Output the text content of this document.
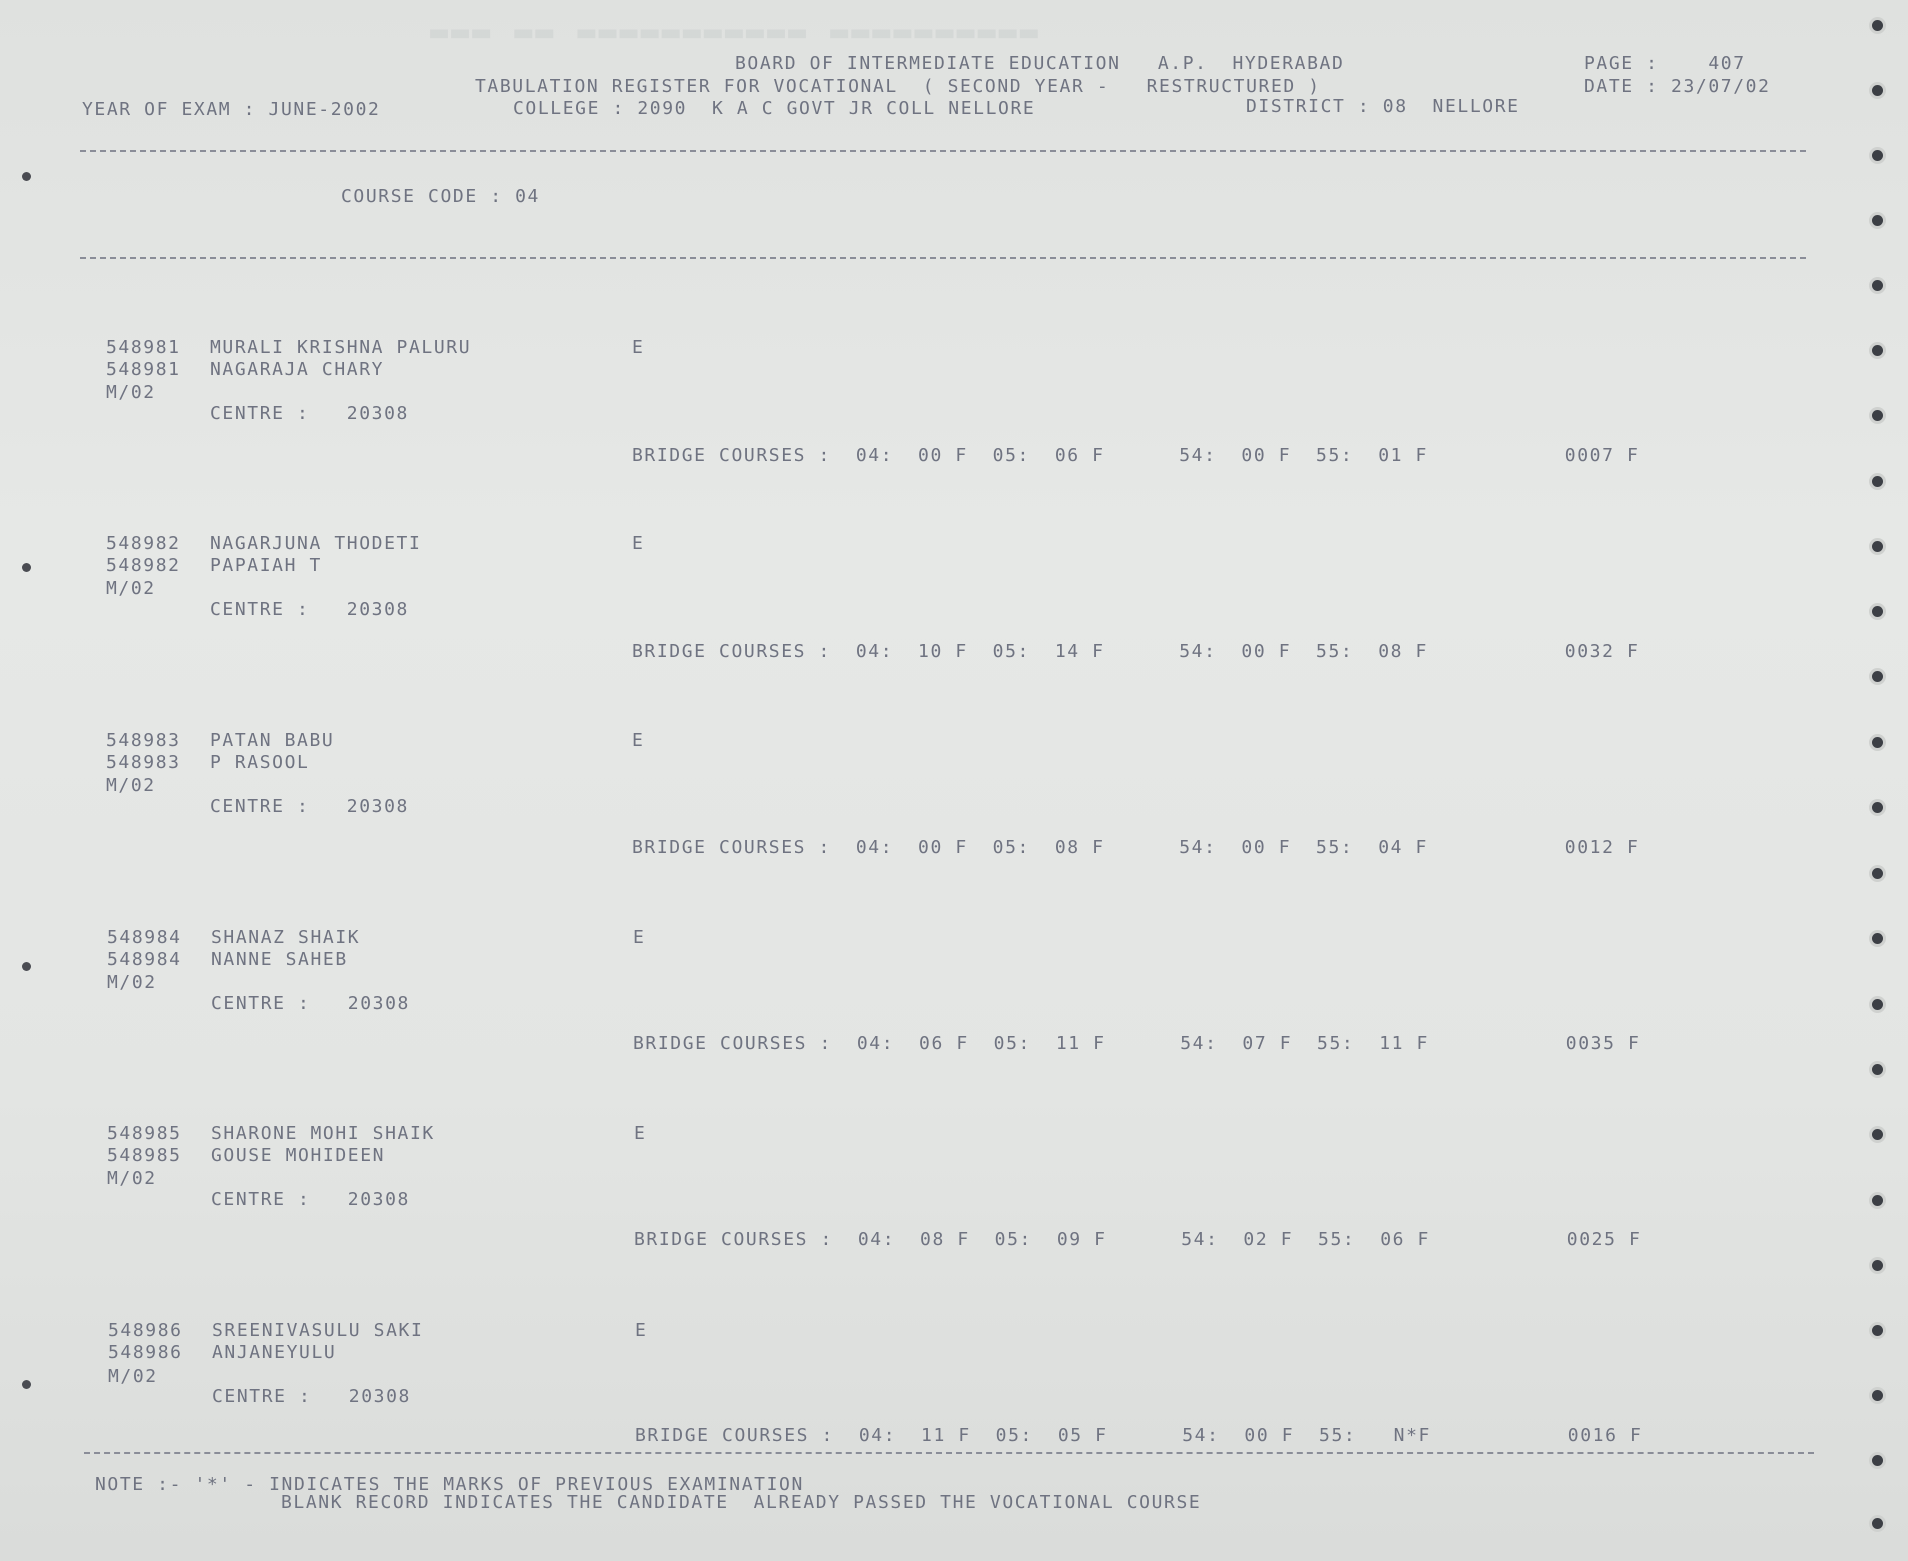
▬▬▬ ▬▬ ▬▬▬▬▬▬▬▬▬▬▬ ▬▬▬▬▬▬▬▬▬▬
BOARD OF INTERMEDIATE EDUCATION   A.P.  HYDERABAD	PAGE :    407
TABULATION REGISTER FOR VOCATIONAL  ( SECOND YEAR -   RESTRUCTURED )	DATE : 23/07/02
YEAR OF EXAM : JUNE-2002	COLLEGE : 2090  K A C GOVT JR COLL NELLORE	DISTRICT : 08  NELLORE
COURSE CODE : 04
548981 MURALI KRISHNA PALURU	E
548981 NAGARAJA CHARY
M/02
CENTRE :   20308
BRIDGE COURSES :  04:  00 F  05:  06 F      54:  00 F  55:  01 F           0007 F
548982 NAGARJUNA THODETI	E
548982 PAPAIAH T
M/02
CENTRE :   20308
BRIDGE COURSES :  04:  10 F  05:  14 F      54:  00 F  55:  08 F           0032 F
548983 PATAN BABU	E
548983 P RASOOL
M/02
CENTRE :   20308
BRIDGE COURSES :  04:  00 F  05:  08 F      54:  00 F  55:  04 F           0012 F
548984 SHANAZ SHAIK	E
548984 NANNE SAHEB
M/02
CENTRE :   20308
BRIDGE COURSES :  04:  06 F  05:  11 F      54:  07 F  55:  11 F           0035 F
548985 SHARONE MOHI SHAIK	E
548985 GOUSE MOHIDEEN
M/02
CENTRE :   20308
BRIDGE COURSES :  04:  08 F  05:  09 F      54:  02 F  55:  06 F           0025 F
548986 SREENIVASULU SAKI	E
548986 ANJANEYULU
M/02
CENTRE :   20308
BRIDGE COURSES :  04:  11 F  05:  05 F      54:  00 F  55:   N*F           0016 F
NOTE :- '*' - INDICATES THE MARKS OF PREVIOUS EXAMINATION
BLANK RECORD INDICATES THE CANDIDATE  ALREADY PASSED THE VOCATIONAL COURSE
